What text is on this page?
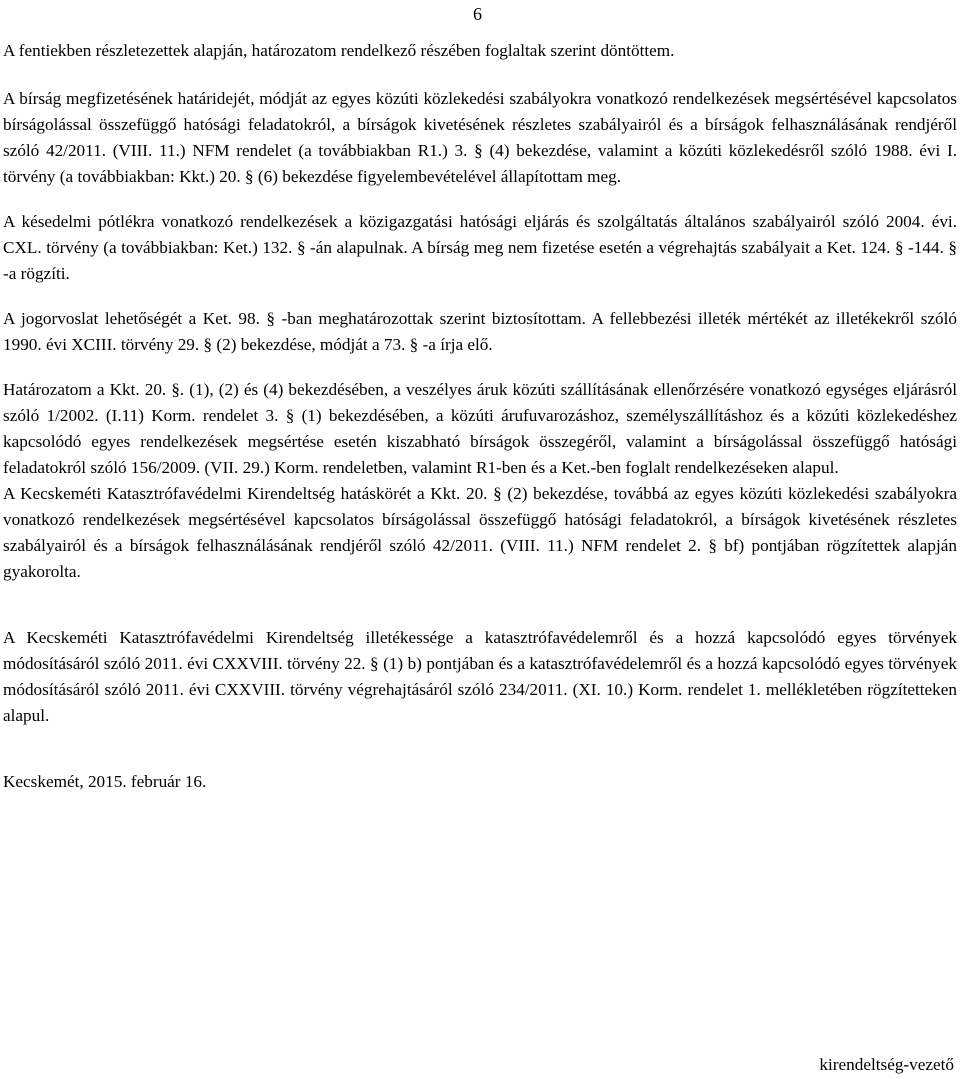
6

A fentiekben részletezettek alapján, határozatom rendelkező részében foglaltak szerint döntöttem.

A bírság megfizetésének határidejét, módját az egyes közúti közlekedési szabályokra vonatkozó rendelkezések megsértésével kapcsolatos bírságolással összefüggő hatósági feladatokról, a bírságok kivetésének részletes szabályairól és a bírságok felhasználásának rendjéről szóló 42/2011. (VIII. 11.) NFM rendelet (a továbbiakban R1.) 3. § (4) bekezdése, valamint a közúti közlekedésről szóló 1988. évi I. törvény (a továbbiakban: Kkt.) 20. § (6) bekezdése figyelembevételével állapítottam meg.

A késedelmi pótlékra vonatkozó rendelkezések a közigazgatási hatósági eljárás és szolgáltatás általános szabályairól szóló 2004. évi. CXL. törvény (a továbbiakban: Ket.) 132. § -án alapulnak. A bírság meg nem fizetése esetén a végrehajtás szabályait a Ket. 124. § -144. § -a rögzíti.

A jogorvoslat lehetőségét a Ket. 98. § -ban meghatározottak szerint biztosítottam. A fellebbezési illeték mértékét az illetékekről szóló 1990. évi XCIII. törvény 29. § (2) bekezdése, módját a 73. § -a írja elő.

Határozatom a Kkt. 20. §. (1), (2) és (4) bekezdésében, a veszélyes áruk közúti szállításának ellenőrzésére vonatkozó egységes eljárásról szóló 1/2002. (I.11) Korm. rendelet 3. § (1) bekezdésében, a közúti árufuvarozáshoz, személyszállításhoz és a közúti közlekedéshez kapcsolódó egyes rendelkezések megsértése esetén kiszabható bírságok összegéről, valamint a bírságolással összefüggő hatósági feladatokról szóló 156/2009. (VII. 29.) Korm. rendeletben, valamint R1-ben és a Ket.-ben foglalt rendelkezéseken alapul.

A Kecskeméti Katasztrófavédelmi Kirendeltség hatáskörét a Kkt. 20. § (2) bekezdése, továbbá az egyes közúti közlekedési szabályokra vonatkozó rendelkezések megsértésével kapcsolatos bírságolással összefüggő hatósági feladatokról, a bírságok kivetésének részletes szabályairól és a bírságok felhasználásának rendjéről szóló 42/2011. (VIII. 11.) NFM rendelet 2. § bf) pontjában rögzítettek alapján gyakorolta.

A Kecskeméti Katasztrófavédelmi Kirendeltség illetékessége a katasztrófavédelemről és a hozzá kapcsolódó egyes törvények módosításáról szóló 2011. évi CXXVIII. törvény 22. § (1) b) pontjában és a katasztrófavédelemről és a hozzá kapcsolódó egyes törvények módosításáról szóló 2011. évi CXXVIII. törvény végrehajtásáról szóló 234/2011. (XI. 10.) Korm. rendelet 1. mellékletében rögzítetteken alapul.

Kecskemét, 2015. február 16.

kirendeltség-vezető
